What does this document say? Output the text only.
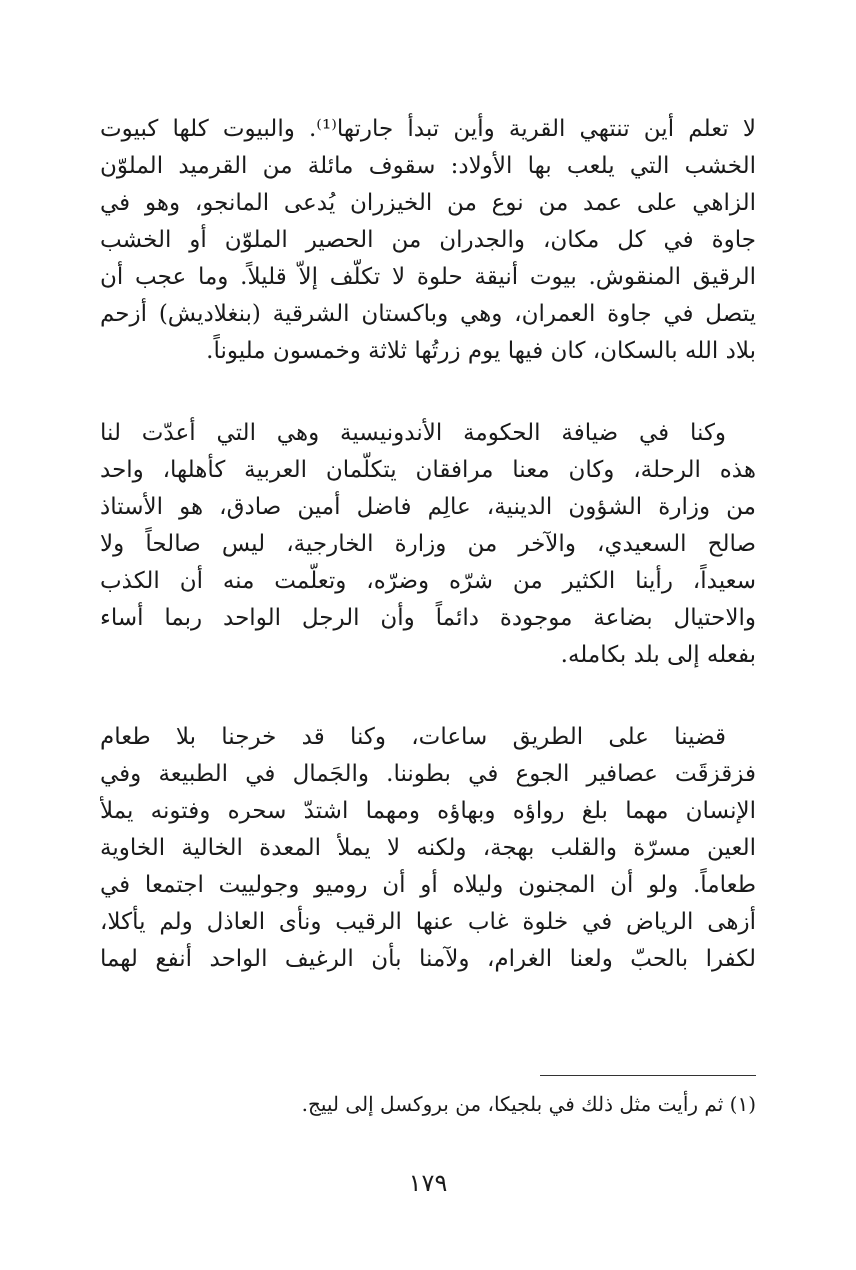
لا تعلم أين تنتهي القرية وأين تبدأ جارتها⁽¹⁾. والبيوت كلها كبيوت
الخشب التي يلعب بها الأولاد: سقوف مائلة من القرميد الملوّن
الزاهي على عمد من نوع من الخيزران يُدعى المانجو، وهو في
جاوة في كل مكان، والجدران من الحصير الملوّن أو الخشب
الرقيق المنقوش. بيوت أنيقة حلوة لا تكلّف إلاّ قليلاً. وما عجب أن
يتصل في جاوة العمران، وهي وباكستان الشرقية (بنغلاديش) أزحم
بلاد الله بالسكان، كان فيها يوم زرتُها ثلاثة وخمسون مليوناً.
وكنا في ضيافة الحكومة الأندونيسية وهي التي أعدّت لنا
هذه الرحلة، وكان معنا مرافقان يتكلّمان العربية كأهلها، واحد
من وزارة الشؤون الدينية، عالِم فاضل أمين صادق، هو الأستاذ
صالح السعيدي، والآخر من وزارة الخارجية، ليس صالحاً ولا
سعيداً، رأينا الكثير من شرّه وضرّه، وتعلّمت منه أن الكذب
والاحتيال بضاعة موجودة دائماً وأن الرجل الواحد ربما أساء
بفعله إلى بلد بكامله.
قضينا على الطريق ساعات، وكنا قد خرجنا بلا طعام
فزقزقَت عصافير الجوع في بطوننا. والجَمال في الطبيعة وفي
الإنسان مهما بلغ رواؤه وبهاؤه ومهما اشتدّ سحره وفتونه يملأ
العين مسرّة والقلب بهجة، ولكنه لا يملأ المعدة الخالية الخاوية
طعاماً. ولو أن المجنون وليلاه أو أن روميو وجولييت اجتمعا في
أزهى الرياض في خلوة غاب عنها الرقيب ونأى العاذل ولم يأكلا،
لكفرا بالحبّ ولعنا الغرام، ولآمنا بأن الرغيف الواحد أنفع لهما
(١) ثم رأيت مثل ذلك في بلجيكا، من بروكسل إلى لييج.
١٧٩
